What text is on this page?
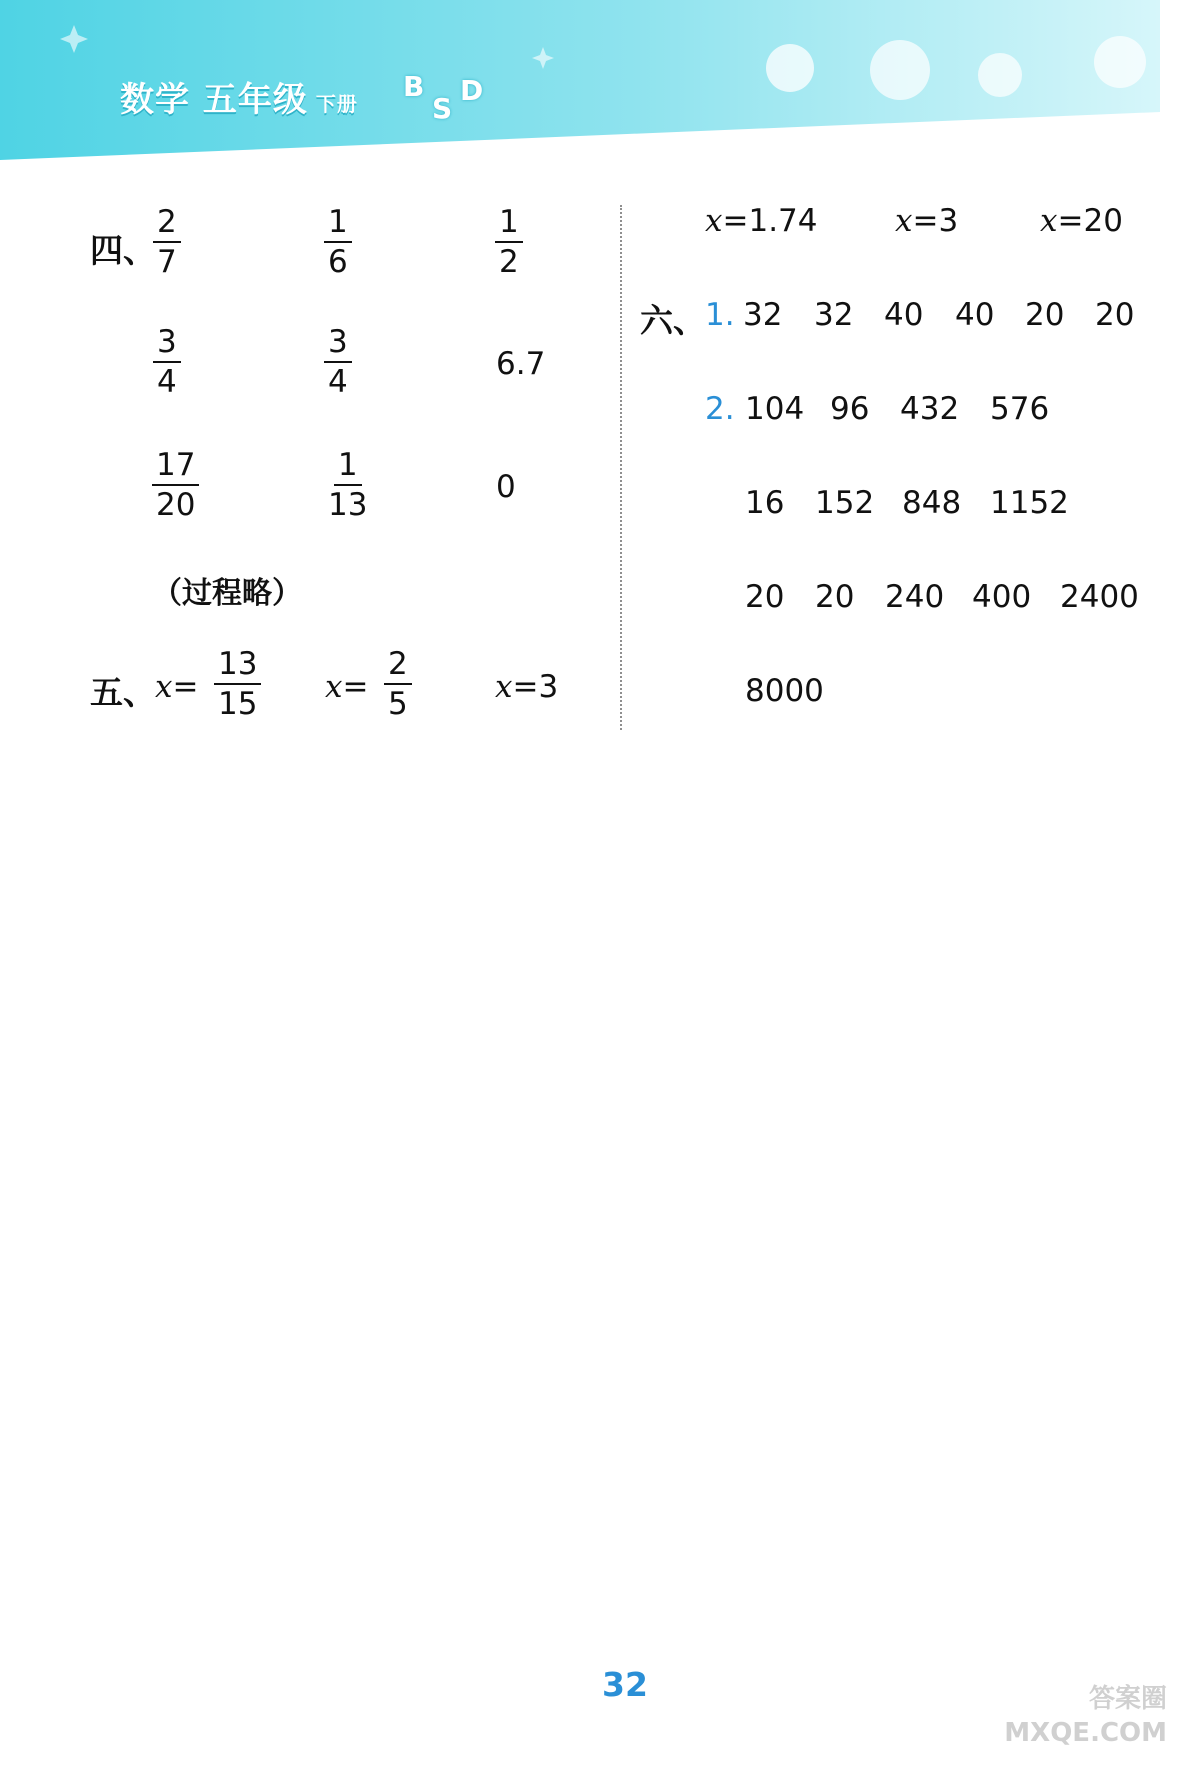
数学 五年级 下册
B
S
D
四、
$\frac{2}{7}$	$\frac{1}{6}$	$\frac{1}{2}$
$\frac{3}{4}$	$\frac{3}{4}$	6.7
$\frac{17}{20}$	$\frac{1}{13}$	0
（过程略）
五、 $x= \frac{13}{15} x= \frac{2}{5}$	x=3
x=1.74	x=3	x=20
六、 1. 32 32 40 40 20 20
2. 104 96 432 576
16 152 848 1152
20 20 240 400 2400
8000
32	答案圈
MXQE.COM
